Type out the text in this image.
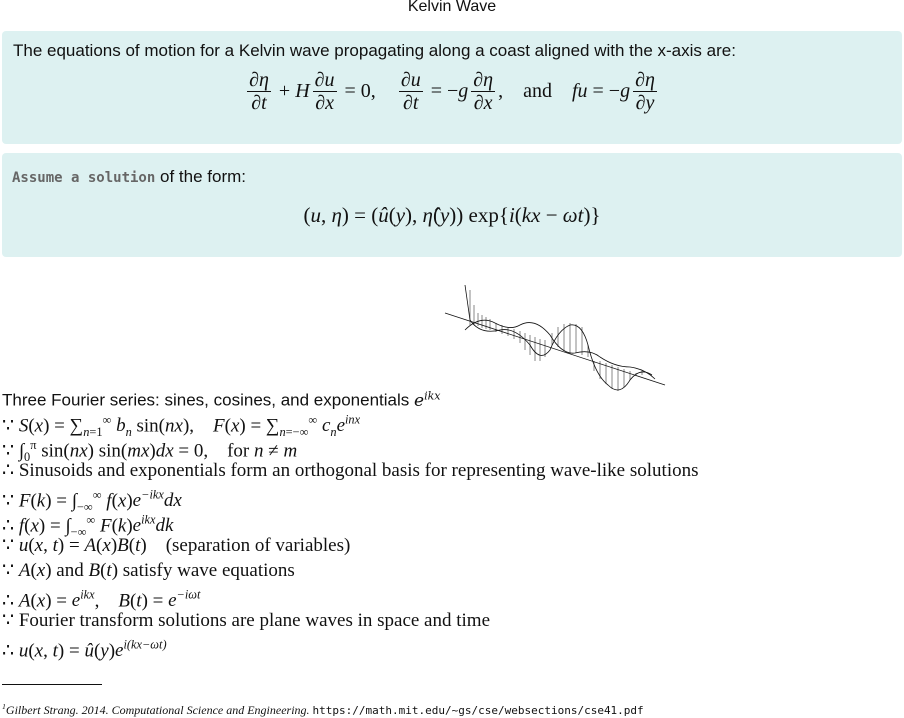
Kelvin Wave
The equations of motion for a Kelvin wave propagating along a coast aligned with the x-axis are:
$\frac{\partial\eta}{\partial t} + H \frac{\partial u}{\partial x} = 0$, $\frac{\partial u}{\partial t} = -g \frac{\partial\eta}{\partial x}$ , and	fu = $-g \frac{\partial\eta}{\partial y}$
Assume a solution of the form:
(u, η) = (û(y), η̂(y)) exp{i(kx − ωt)}
Three Fourier series: sines, cosines, and exponentials $e^{ikx}$
∵ $S(x) = \sum_{n=1}^\infty$ $b_n$ sin(nx),    $F(x) = \sum_{n=-\infty}^\infty$ $c_ne^{inx}$
∵ $\int_0^\pi$ sin(nx) sin(mx)dx = 0,    for n ≠ m
∴ Sinusoids and exponentials form an orthogonal basis for representing wave-like solutions
∵ $F(k) = \int_{-\infty}^\infty$ $f(x)e^{-ikx}dx$
∴ $f(x) = \int_{-\infty}^\infty$ $F(k)e^{ikx}dk$
∵ u(x, t) = A(x)B(t)    (separation of variables)
∵ A(x) and B(t) satisfy wave equations
∴ $A(x) = e^{ikx}$,    $B(t) = e^{-i\omega t}$
∵ Fourier transform solutions are plane waves in space and time
∴ u(x, $t) = û(y)e^{i(kx-\omega t)}$
$^1$Gilbert Strang. 2014. Computational Science and Engineering. https://math.mit.edu/~gs/cse/websections/cse41.pdf
